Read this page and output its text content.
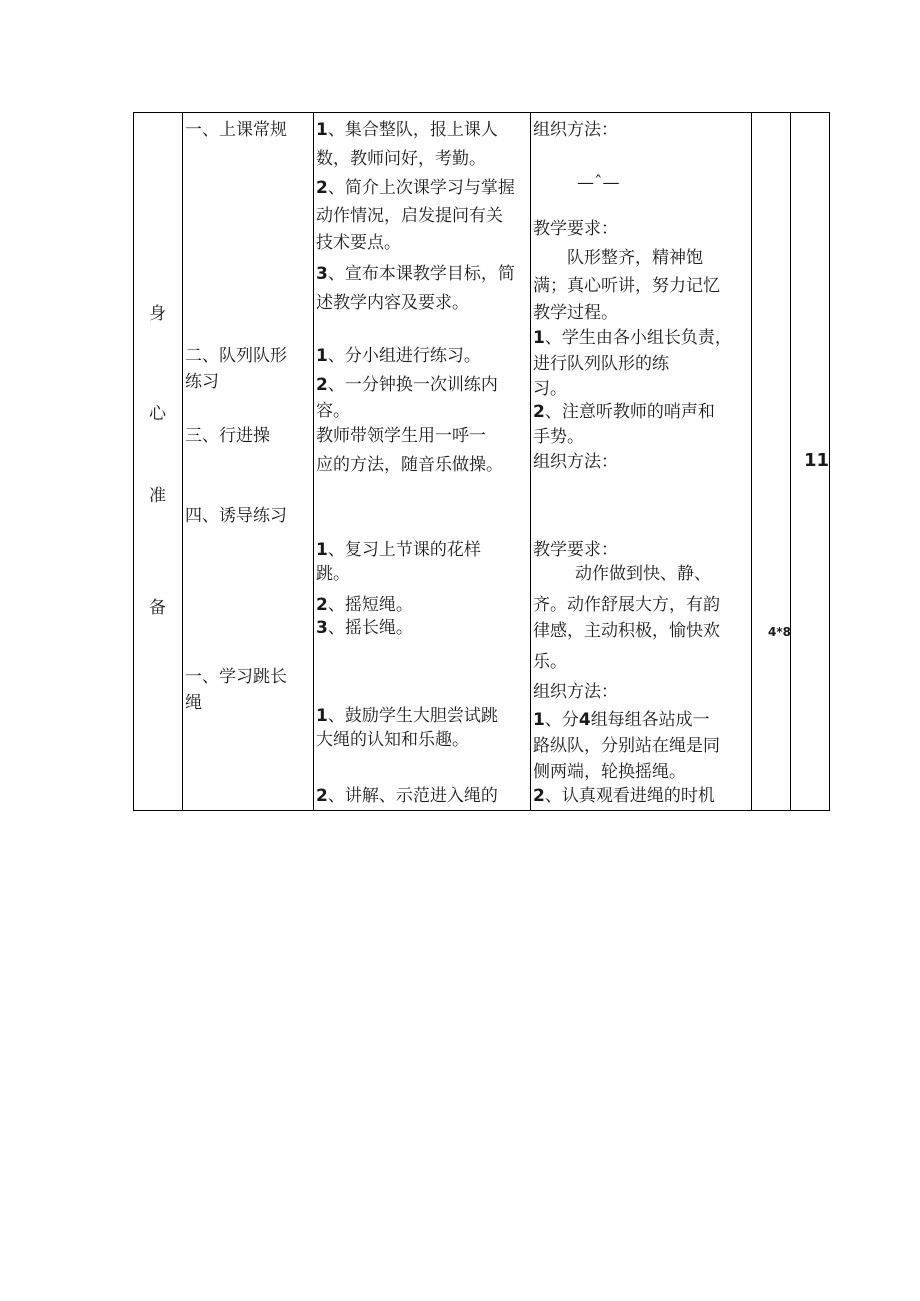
身
心
准
备
一、上课常规
二、队列队形
练习
三、行进操
四、诱导练习
一、学习跳长
绳
1、集合整队，报上课人
数，教师问好，考勤。
2、简介上次课学习与掌握
动作情况，启发提问有关
技术要点。
3、宣布本课教学目标，简
述教学内容及要求。
1、分小组进行练习。
2、一分钟换一次训练内
容。
教师带领学生用一呼一
应的方法，随音乐做操。
1、复习上节课的花样
跳。
2、摇短绳。
3、摇长绳。
1、鼓励学生大胆尝试跳
大绳的认知和乐趣。
2、讲解、示范进入绳的
组织方法：
—ˆ—
教学要求：
队形整齐，精神饱
满；真心听讲，努力记忆
教学过程。
1、学生由各小组长负责，
进行队列队形的练
习。
2、注意听教师的哨声和
手势。
组织方法：
教学要求：
动作做到快、静、
齐。动作舒展大方，有韵
律感，主动积极，愉快欢
乐。
组织方法：
1、分4组每组各站成一
路纵队，分别站在绳是同
侧两端，轮换摇绳。
2、认真观看进绳的时机
4*8
11
